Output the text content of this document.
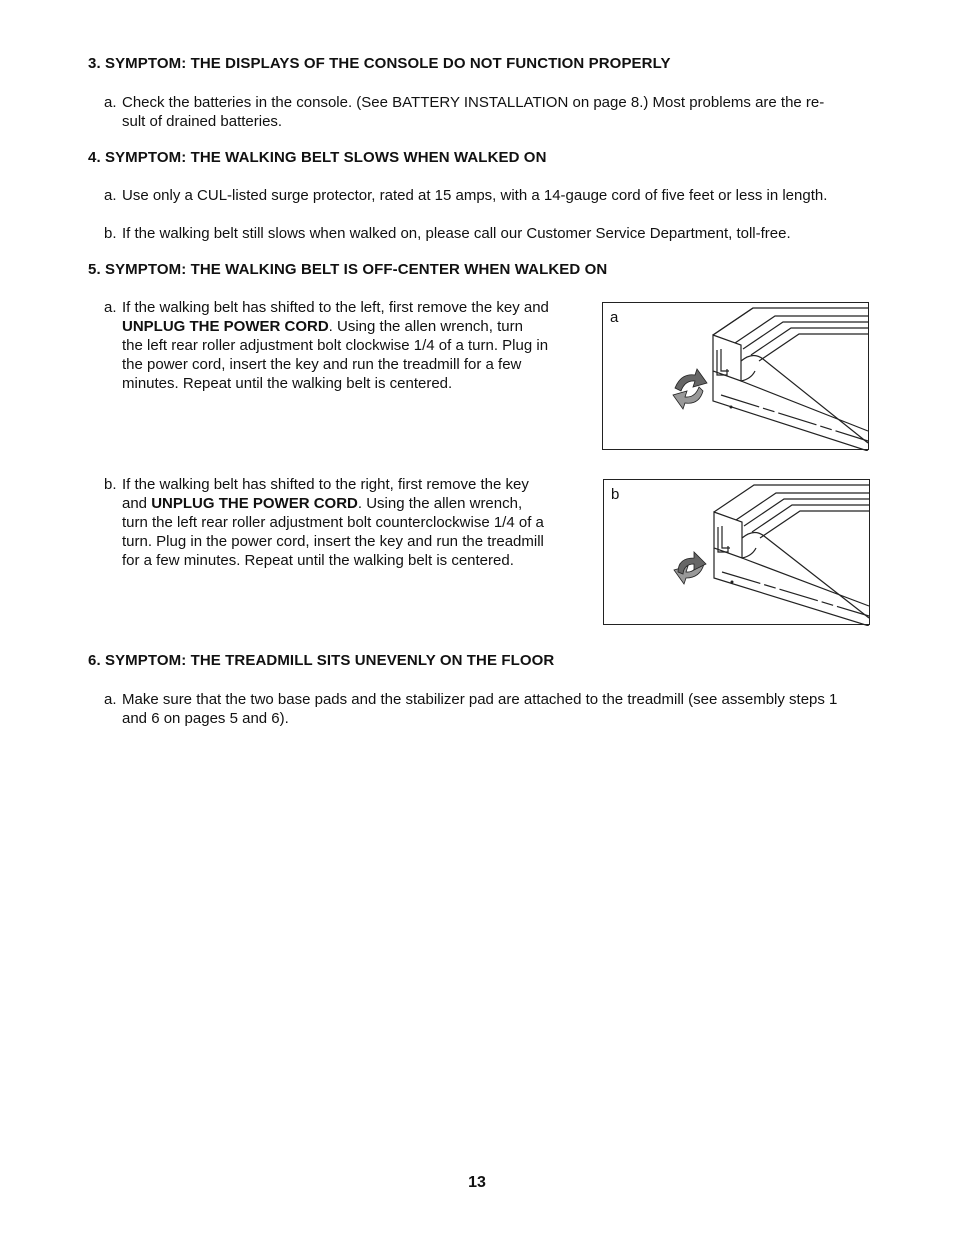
3. SYMPTOM: THE DISPLAYS OF THE CONSOLE DO NOT FUNCTION PROPERLY
a. Check the batteries in the console. (See BATTERY INSTALLATION on page 8.) Most problems are the re-
sult of drained batteries.
4. SYMPTOM: THE WALKING BELT SLOWS WHEN WALKED ON
a. Use only a CUL-listed surge protector, rated at 15 amps, with a 14-gauge cord of five feet or less in length.
b. If the walking belt still slows when walked on, please call our Customer Service Department, toll-free.
5. SYMPTOM: THE WALKING BELT IS OFF-CENTER WHEN WALKED ON
a. If the walking belt has shifted to the left, first remove the key and
UNPLUG THE POWER CORD. Using the allen wrench, turn
the left rear roller adjustment bolt clockwise 1/4 of a turn. Plug in
the power cord, insert the key and run the treadmill for a few
minutes. Repeat until the walking belt is centered.
a
b. If the walking belt has shifted to the right, first remove the key
and UNPLUG THE POWER CORD. Using the allen wrench,
turn the left rear roller adjustment bolt counterclockwise 1/4 of a
turn. Plug in the power cord, insert the key and run the treadmill
for a few minutes. Repeat until the walking belt is centered.
b
6. SYMPTOM: THE TREADMILL SITS UNEVENLY ON THE FLOOR
a. Make sure that the two base pads and the stabilizer pad are attached to the treadmill (see assembly steps 1
and 6 on pages 5 and 6).
13
